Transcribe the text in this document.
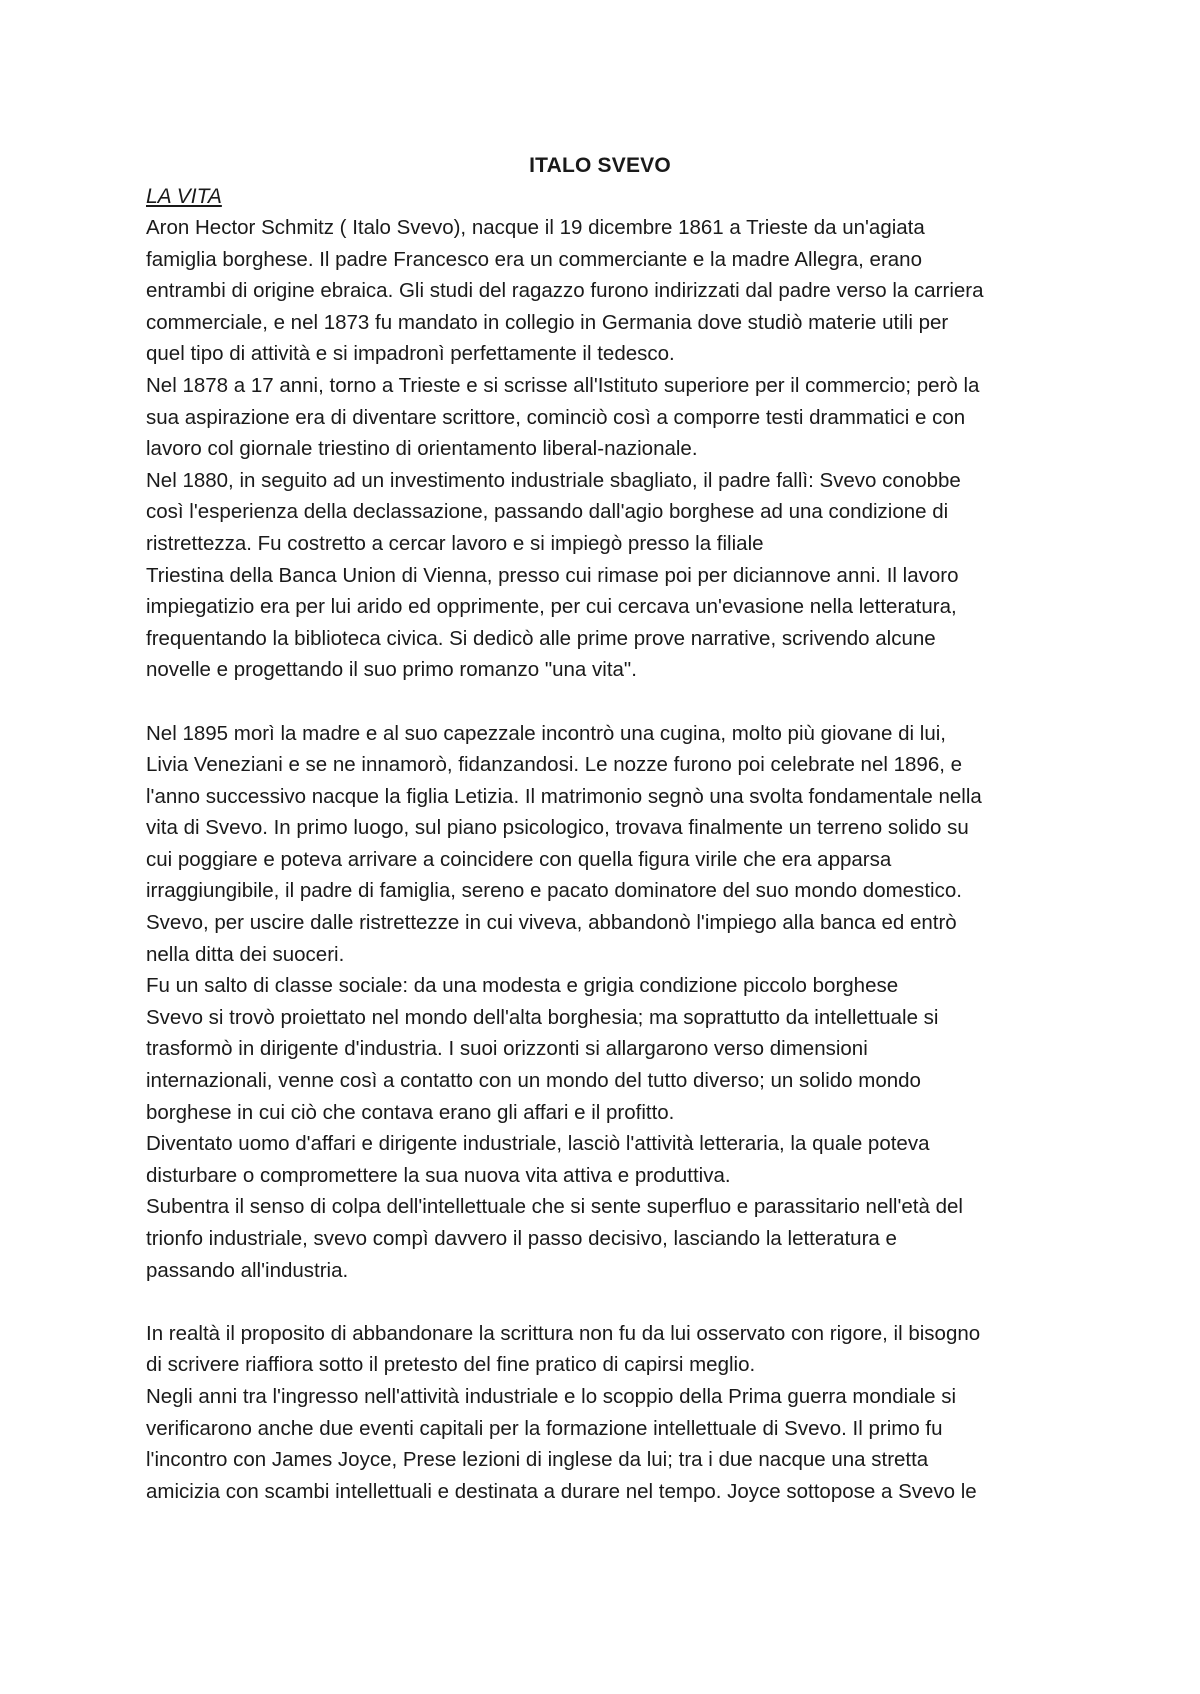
ITALO SVEVO
LA VITA
Aron Hector Schmitz ( Italo Svevo), nacque il 19 dicembre 1861 a Trieste da un'agiata
famiglia borghese. Il padre Francesco era un commerciante e la madre Allegra, erano
entrambi di origine ebraica. Gli studi del ragazzo furono indirizzati dal padre verso la carriera
commerciale, e nel 1873 fu mandato in collegio in Germania dove studiò materie utili per
quel tipo di attività e si impadronì perfettamente il tedesco.
Nel 1878 a 17 anni, torno a Trieste e si scrisse all'Istituto superiore per il commercio; però la
sua aspirazione era di diventare scrittore, cominciò così a comporre testi drammatici e con
lavoro col giornale triestino di orientamento liberal-nazionale.
Nel 1880, in seguito ad un investimento industriale sbagliato, il padre fallì: Svevo conobbe
così l'esperienza della declassazione, passando dall'agio borghese ad una condizione di
ristrettezza. Fu costretto a cercar lavoro e si impiegò presso la filiale
Triestina della Banca Union di Vienna, presso cui rimase poi per diciannove anni. Il lavoro
impiegatizio era per lui arido ed opprimente, per cui cercava un'evasione nella letteratura,
frequentando la biblioteca civica. Si dedicò alle prime prove narrative, scrivendo alcune
novelle e progettando il suo primo romanzo "una vita".
Nel 1895 morì la madre e al suo capezzale incontrò una cugina, molto più giovane di lui,
Livia Veneziani e se ne innamorò, fidanzandosi. Le nozze furono poi celebrate nel 1896, e
l'anno successivo nacque la figlia Letizia. Il matrimonio segnò una svolta fondamentale nella
vita di Svevo. In primo luogo, sul piano psicologico, trovava finalmente un terreno solido su
cui poggiare e poteva arrivare a coincidere con quella figura virile che era apparsa
irraggiungibile, il padre di famiglia, sereno e pacato dominatore del suo mondo domestico.
Svevo, per uscire dalle ristrettezze in cui viveva, abbandonò l'impiego alla banca ed entrò
nella ditta dei suoceri.
Fu un salto di classe sociale: da una modesta e grigia condizione piccolo borghese
Svevo si trovò proiettato nel mondo dell'alta borghesia; ma soprattutto da intellettuale si
trasformò in dirigente d'industria. I suoi orizzonti si allargarono verso dimensioni
internazionali, venne così a contatto con un mondo del tutto diverso; un solido mondo
borghese in cui ciò che contava erano gli affari e il profitto.
Diventato uomo d'affari e dirigente industriale, lasciò l'attività letteraria, la quale poteva
disturbare o compromettere la sua nuova vita attiva e produttiva.
Subentra il senso di colpa dell'intellettuale che si sente superfluo e parassitario nell'età del
trionfo industriale, svevo compì davvero il passo decisivo, lasciando la letteratura e
passando all'industria.
In realtà il proposito di abbandonare la scrittura non fu da lui osservato con rigore, il bisogno
di scrivere riaffiora sotto il pretesto del fine pratico di capirsi meglio.
Negli anni tra l'ingresso nell'attività industriale e lo scoppio della Prima guerra mondiale si
verificarono anche due eventi capitali per la formazione intellettuale di Svevo. Il primo fu
l'incontro con James Joyce, Prese lezioni di inglese da lui; tra i due nacque una stretta
amicizia con scambi intellettuali e destinata a durare nel tempo. Joyce sottopose a Svevo le
